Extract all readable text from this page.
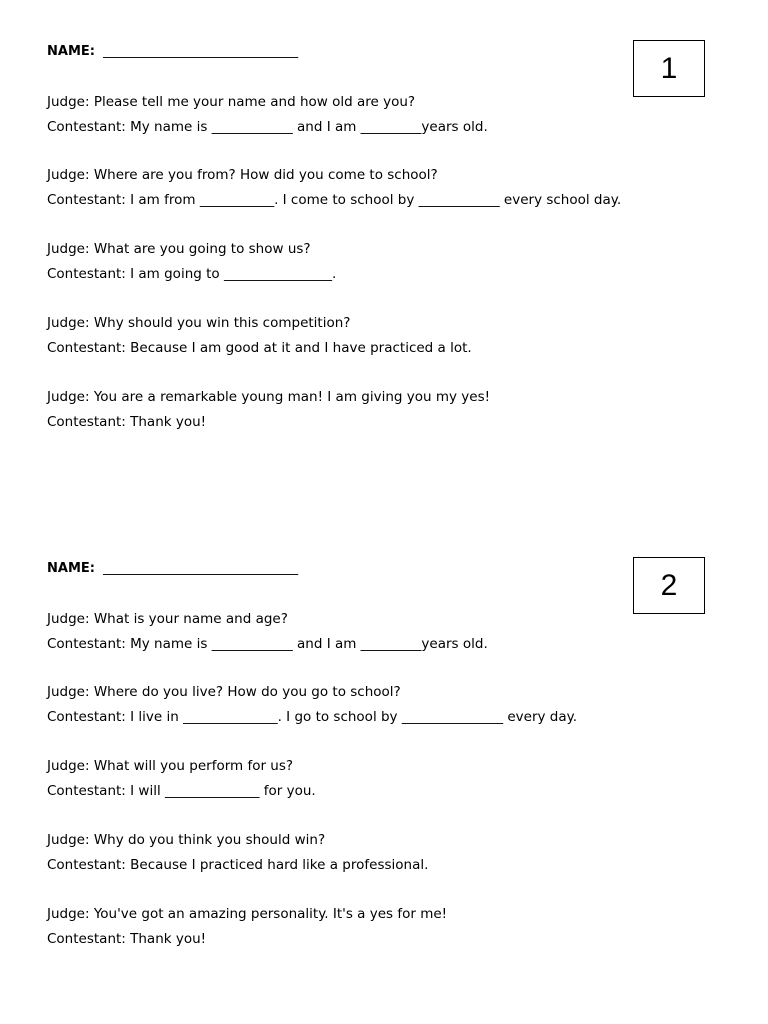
NAME: ______________________________	1
Judge: Please tell me your name and how old are you?
Contestant: My name is ____________ and I am _________years old.
Judge: Where are you from? How did you come to school?
Contestant: I am from ___________. I come to school by ____________ every school day.
Judge: What are you going to show us?
Contestant: I am going to ________________.
Judge: Why should you win this competition?
Contestant: Because I am good at it and I have practiced a lot.
Judge: You are a remarkable young man! I am giving you my yes!
Contestant: Thank you!
NAME: ______________________________	2
Judge: What is your name and age?
Contestant: My name is ____________ and I am _________years old.
Judge: Where do you live? How do you go to school?
Contestant: I live in ______________. I go to school by _______________ every day.
Judge: What will you perform for us?
Contestant: I will ______________ for you.
Judge: Why do you think you should win?
Contestant: Because I practiced hard like a professional.
Judge: You've got an amazing personality. It's a yes for me!
Contestant: Thank you!
